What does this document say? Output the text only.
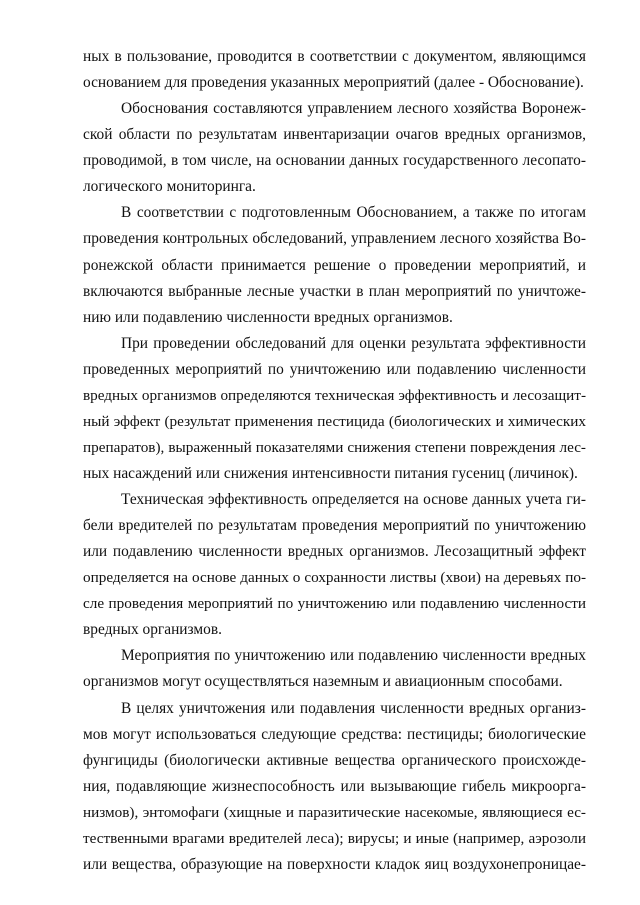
ных в пользование, проводится в соответствии с документом, являющимся
основанием для проведения указанных мероприятий (далее - Обоснование).
Обоснования составляются управлением лесного хозяйства Воронеж-
ской области по результатам инвентаризации очагов вредных организмов,
проводимой, в том числе, на основании данных государственного лесопато-
логического мониторинга.
В соответствии с подготовленным Обоснованием, а также по итогам
проведения контрольных обследований, управлением лесного хозяйства Во-
ронежской области принимается решение о проведении мероприятий, и
включаются выбранные лесные участки в план мероприятий по уничтоже-
нию или подавлению численности вредных организмов.
При проведении обследований для оценки результата эффективности
проведенных мероприятий по уничтожению или подавлению численности
вредных организмов определяются техническая эффективность и лесозащит-
ный эффект (результат применения пестицида (биологических и химических
препаратов), выраженный показателями снижения степени повреждения лес-
ных насаждений или снижения интенсивности питания гусениц (личинок).
Техническая эффективность определяется на основе данных учета ги-
бели вредителей по результатам проведения мероприятий по уничтожению
или подавлению численности вредных организмов. Лесозащитный эффект
определяется на основе данных о сохранности листвы (хвои) на деревьях по-
сле проведения мероприятий по уничтожению или подавлению численности
вредных организмов.
Мероприятия по уничтожению или подавлению численности вредных
организмов могут осуществляться наземным и авиационным способами.
В целях уничтожения или подавления численности вредных организ-
мов могут использоваться следующие средства: пестициды; биологические
фунгициды (биологически активные вещества органического происхожде-
ния, подавляющие жизнеспособность или вызывающие гибель микроорга-
низмов), энтомофаги (хищные и паразитические насекомые, являющиеся ес-
тественными врагами вредителей леса); вирусы; и иные (например, аэрозоли
или вещества, образующие на поверхности кладок яиц воздухонепроницае-
